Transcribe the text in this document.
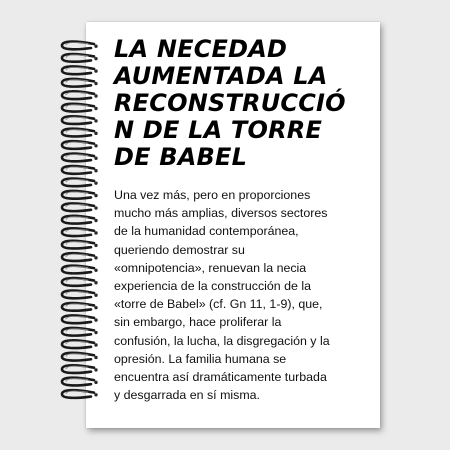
LA NECEDAD
AUMENTADA LA
RECONSTRUCCIÓ
N DE LA TORRE
DE BABEL

Una vez más, pero en proporciones
mucho más amplias, diversos sectores
de la humanidad contemporánea,
queriendo demostrar su
«omnipotencia», renuevan la necia
experiencia de la construcción de la
«torre de Babel» (cf. Gn 11, 1-9), que,
sin embargo, hace proliferar la
confusión, la lucha, la disgregación y la
opresión. La familia humana se
encuentra así dramáticamente turbada
y desgarrada en sí misma.
